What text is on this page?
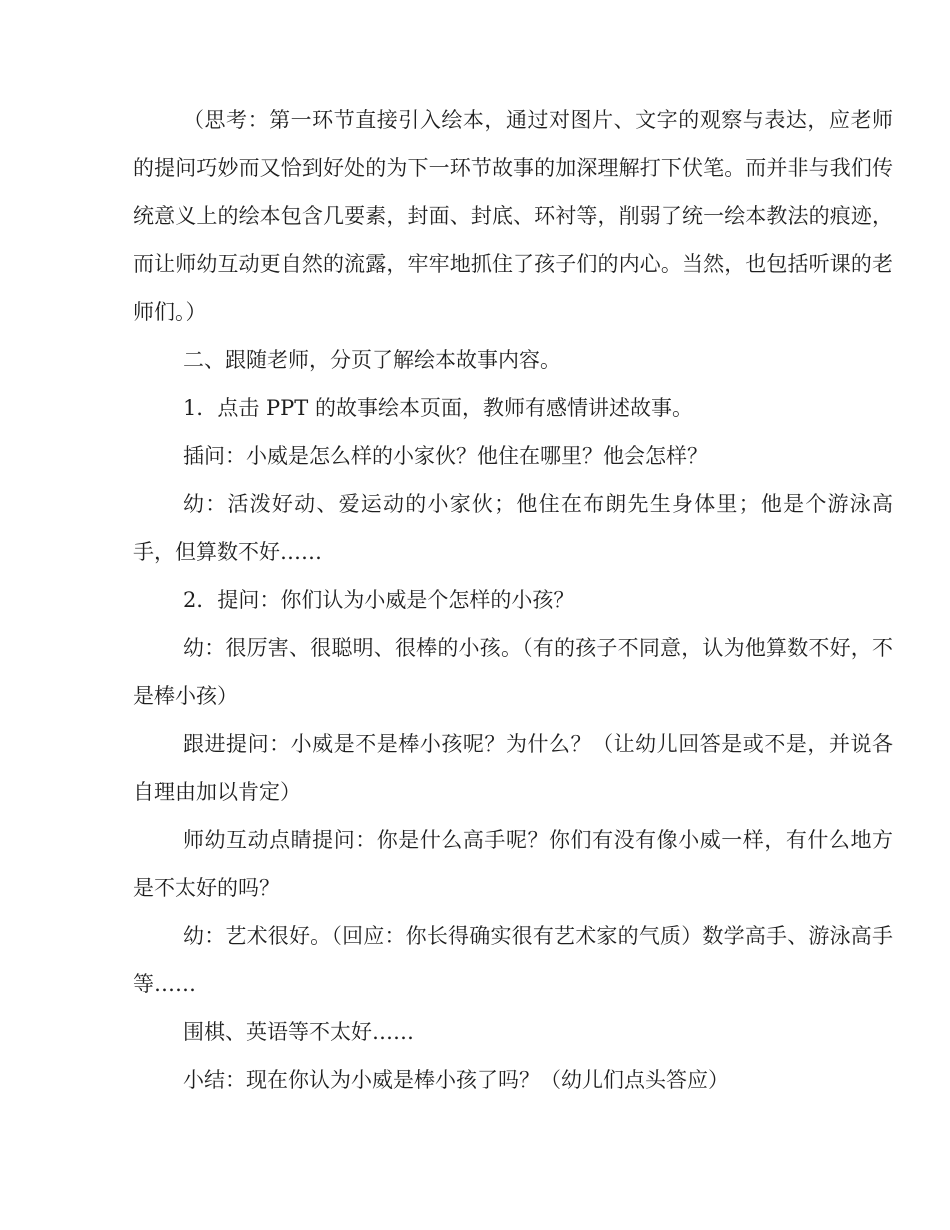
（思考：第一环节直接引入绘本，通过对图片、文字的观察与表达，应老师的提问巧妙而又恰到好处的为下一环节故事的加深理解打下伏笔。而并非与我们传统意义上的绘本包含几要素，封面、封底、环衬等，削弱了统一绘本教法的痕迹，而让师幼互动更自然的流露，牢牢地抓住了孩子们的内心。当然，也包括听课的老师们。）

二、跟随老师，分页了解绘本故事内容。

1．点击 PPT 的故事绘本页面，教师有感情讲述故事。

插问：小威是怎么样的小家伙？他住在哪里？他会怎样？

幼：活泼好动、爱运动的小家伙；他住在布朗先生身体里；他是个游泳高手，但算数不好……

2．提问：你们认为小威是个怎样的小孩？

幼：很厉害、很聪明、很棒的小孩。（有的孩子不同意，认为他算数不好，不是棒小孩）

跟进提问：小威是不是棒小孩呢？为什么？（让幼儿回答是或不是，并说各自理由加以肯定）

师幼互动点睛提问：你是什么高手呢？你们有没有像小威一样，有什么地方是不太好的吗？

幼：艺术很好。（回应：你长得确实很有艺术家的气质）数学高手、游泳高手等……

围棋、英语等不太好……

小结：现在你认为小威是棒小孩了吗？（幼儿们点头答应）
